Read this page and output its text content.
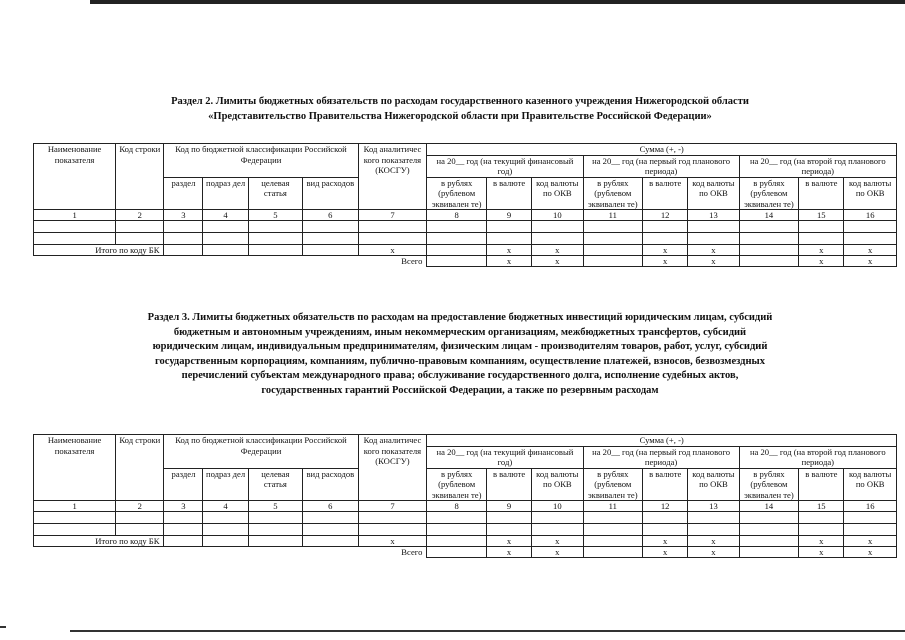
Раздел 2. Лимиты бюджетных обязательств по расходам государственного казенного учреждения Нижегородской области
«Представительство Правительства Нижегородской области при Правительстве Российской Федерации»
Наименование показателя	Код строки	Код по бюджетной классификации Российской Федерации				Код аналитичес кого показателя (КОСГУ)	Сумма (+, -)								
							на 20__ год (на текущий финансовый год)			на 20__ год (на первый год планового периода)			на 20__ год (на второй год планового периода)		
		раздел	подраз дел	целевая статья	вид расходов		в рублях (рублевом эквивален те)	в валюте	код валюты по ОКВ	в рублях (рублевом эквивален те)	в валюте	код валюты по ОКВ	в рублях (рублевом эквивален те)	в валюте	код валюты по ОКВ
1	2	3	4	5	6	7	8	9	10	11	12	13	14	15	16

Итого по коду БК						x		x	x		x	x		x	x
Всего								x	x		x	x		x	x
Раздел 3. Лимиты бюджетных обязательств по расходам на предоставление бюджетных инвестиций юридическим лицам, субсидий
бюджетным и автономным учреждениям, иным некоммерческим организациям, межбюджетных трансфертов, субсидий
юридическим лицам, индивидуальным предпринимателям, физическим лицам - производителям товаров, работ, услуг, субсидий
государственным корпорациям, компаниям, публично-правовым компаниям, осуществление платежей, взносов, безвозмездных
перечислений субъектам международного права; обслуживание государственного долга, исполнение судебных актов,
государственных гарантий Российской Федерации, а также по резервным расходам
Наименование показателя	Код строки	Код по бюджетной классификации Российской Федерации				Код аналитичес кого показателя (КОСГУ)	Сумма (+, -)								
							на 20__ год (на текущий финансовый год)			на 20__ год (на первый год планового периода)			на 20__ год (на второй год планового периода)		
		раздел	подраз дел	целевая статья	вид расходов		в рублях (рублевом эквивален те)	в валюте	код валюты по ОКВ	в рублях (рублевом эквивален те)	в валюте	код валюты по ОКВ	в рублях (рублевом эквивален те)	в валюте	код валюты по ОКВ
1	2	3	4	5	6	7	8	9	10	11	12	13	14	15	16

Итого по коду БК						x		x	x		x	x		x	x
Всего								x	x		x	x		x	x
